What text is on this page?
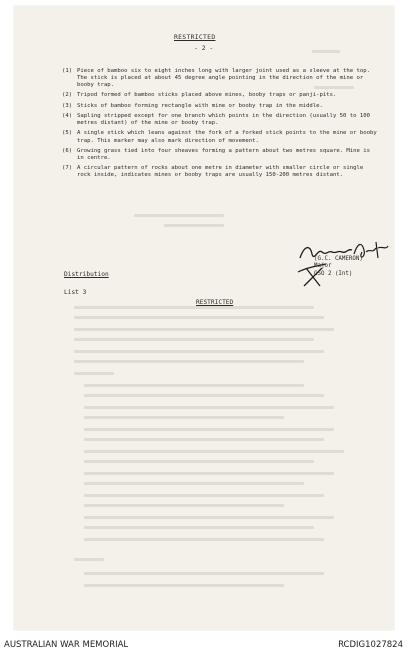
RESTRICTED
- 2 -
(1) Piece of bamboo six to eight inches long with larger joint used as a sleeve at the top. The stick is placed at about 45 degree angle pointing in the direction of the mine or booby trap.
(2) Tripod formed of bamboo sticks placed above mines, booby traps or panji-pits.
(3) Sticks of bamboo forming rectangle with mine or booby trap in the middle.
(4) Sapling stripped except for one branch which points in the direction (usually 50 to 100 metres distant) of the mine or booby trap.
(5) A single stick which leans against the fork of a forked stick points to the mine or booby trap. This marker may also mark direction of movement.
(6) Growing grass tied into four sheaves forming a pattern about two metres square. Mine is in centre.
(7) A circular pattern of rocks about one metre in diameter with smaller circle or single rock inside, indicates mines or booby traps are usually 150-200 metres distant.
(G.C. CAMERON)
Major
GSO 2 (Int)
Distribution
List 3
RESTRICTED
AUSTRALIAN WAR MEMORIAL	RCDIG1027824
